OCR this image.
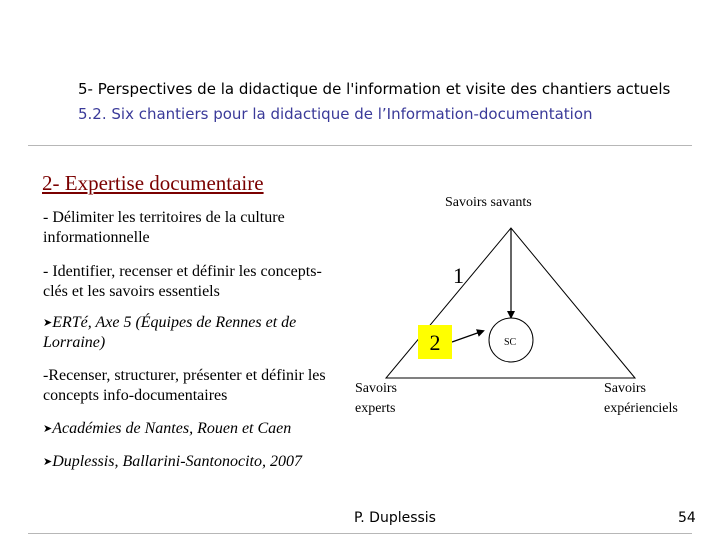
5- Perspectives de la didactique de l'information et visite des chantiers actuels
5.2. Six chantiers pour la didactique de l’Information-documentation
2- Expertise documentaire
- Délimiter les territoires de la culture informationnelle
- Identifier, recenser et définir les concepts-clés et les savoirs essentiels
➤ERTé, Axe 5 (Équipes de Rennes et de Lorraine)
-Recenser, structurer, présenter et définir les concepts info-documentaires
➤Académies de Nantes, Rouen et Caen
➤Duplessis, Ballarini-Santonocito, 2007
Savoirs savants
Savoirs experts
Savoirs expérienciels
1
2	SC
P. Duplessis	54
